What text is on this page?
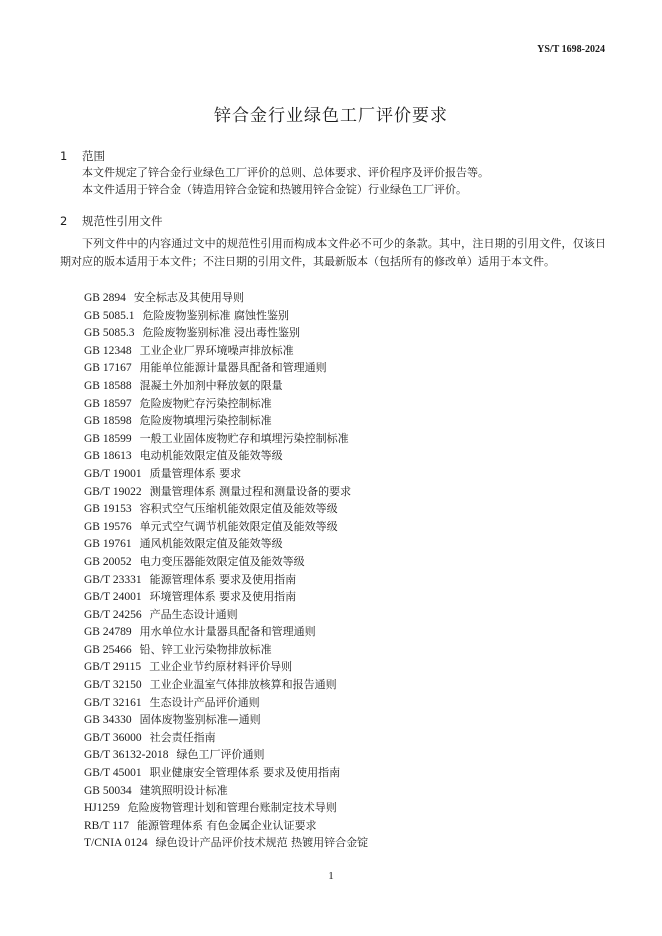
YS/T 1698-2024
锌合金行业绿色工厂评价要求
1 范围

本文件规定了锌合金行业绿色工厂评价的总则、总体要求、评价程序及评价报告等。

本文件适用于锌合金（铸造用锌合金锭和热镀用锌合金锭）行业绿色工厂评价。

2 规范性引用文件

下列文件中的内容通过文中的规范性引用而构成本文件必不可少的条款。其中，注日期的引用文件，仅该日期对应的版本适用于本文件；不注日期的引用文件，其最新版本（包括所有的修改单）适用于本文件。

GB 2894 安全标志及其使用导则
GB 5085.1 危险废物鉴别标准 腐蚀性鉴别
GB 5085.3 危险废物鉴别标准 浸出毒性鉴别
GB 12348 工业企业厂界环境噪声排放标准
GB 17167 用能单位能源计量器具配备和管理通则
GB 18588 混凝土外加剂中释放氨的限量
GB 18597 危险废物贮存污染控制标准
GB 18598 危险废物填埋污染控制标准
GB 18599 一般工业固体废物贮存和填埋污染控制标准
GB 18613 电动机能效限定值及能效等级
GB/T 19001 质量管理体系 要求
GB/T 19022 测量管理体系 测量过程和测量设备的要求
GB 19153 容积式空气压缩机能效限定值及能效等级
GB 19576 单元式空气调节机能效限定值及能效等级
GB 19761 通风机能效限定值及能效等级
GB 20052 电力变压器能效限定值及能效等级
GB/T 23331 能源管理体系 要求及使用指南
GB/T 24001 环境管理体系 要求及使用指南
GB/T 24256 产品生态设计通则
GB 24789 用水单位水计量器具配备和管理通则
GB 25466 铅、锌工业污染物排放标准
GB/T 29115 工业企业节约原材料评价导则
GB/T 32150 工业企业温室气体排放核算和报告通则
GB/T 32161 生态设计产品评价通则
GB 34330 固体废物鉴别标准—通则
GB/T 36000 社会责任指南
GB/T 36132-2018 绿色工厂评价通则
GB/T 45001 职业健康安全管理体系 要求及使用指南
GB 50034 建筑照明设计标准
HJ1259 危险废物管理计划和管理台账制定技术导则
RB/T 117 能源管理体系 有色金属企业认证要求
T/CNIA 0124 绿色设计产品评价技术规范 热镀用锌合金锭
1
